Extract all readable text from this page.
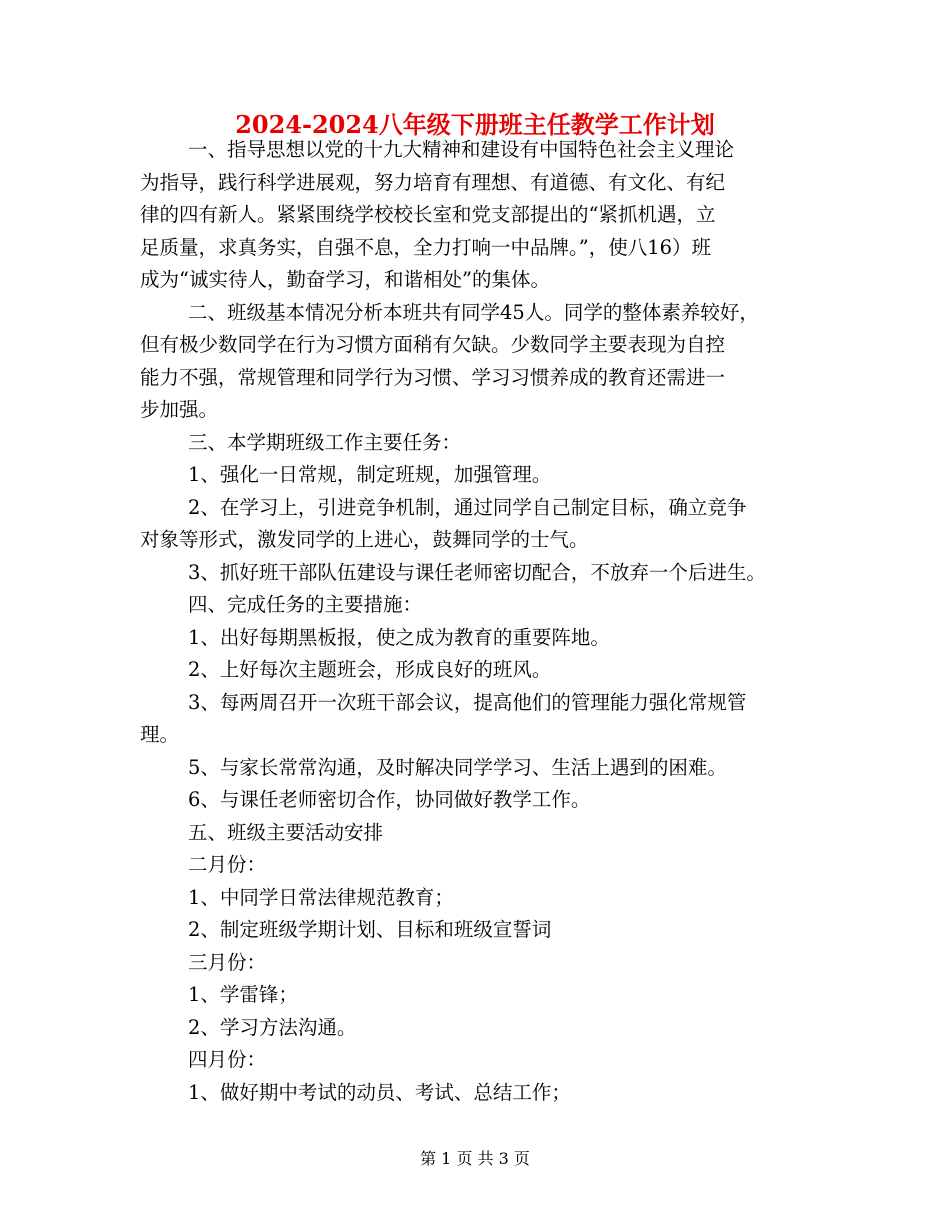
2024-2024八年级下册班主任教学工作计划

一、指导思想以党的十九大精神和建设有中国特色社会主义理论

为指导，践行科学进展观，努力培育有理想、有道德、有文化、有纪

律的四有新人。紧紧围绕学校校长室和党支部提出的“紧抓机遇，立

足质量，求真务实，自强不息，全力打响一中品牌。”，使八16）班

成为“诚实待人，勤奋学习，和谐相处”的集体。

二、班级基本情况分析本班共有同学45人。同学的整体素养较好，

但有极少数同学在行为习惯方面稍有欠缺。少数同学主要表现为自控

能力不强，常规管理和同学行为习惯、学习习惯养成的教育还需进一

步加强。

三、本学期班级工作主要任务：

1、强化一日常规，制定班规，加强管理。

2、在学习上，引进竞争机制，通过同学自己制定目标，确立竞争

对象等形式，激发同学的上进心，鼓舞同学的士气。

3、抓好班干部队伍建设与课任老师密切配合，不放弃一个后进生。

四、完成任务的主要措施：

1、出好每期黑板报，使之成为教育的重要阵地。

2、上好每次主题班会，形成良好的班风。

3、每两周召开一次班干部会议，提高他们的管理能力强化常规管

理。

5、与家长常常沟通，及时解决同学学习、生活上遇到的困难。

6、与课任老师密切合作，协同做好教学工作。

五、班级主要活动安排

二月份：

1、中同学日常法律规范教育；

2、制定班级学期计划、目标和班级宣誓词

三月份：

1、学雷锋；

2、学习方法沟通。

四月份：

1、做好期中考试的动员、考试、总结工作；

第 1 页 共 3 页
